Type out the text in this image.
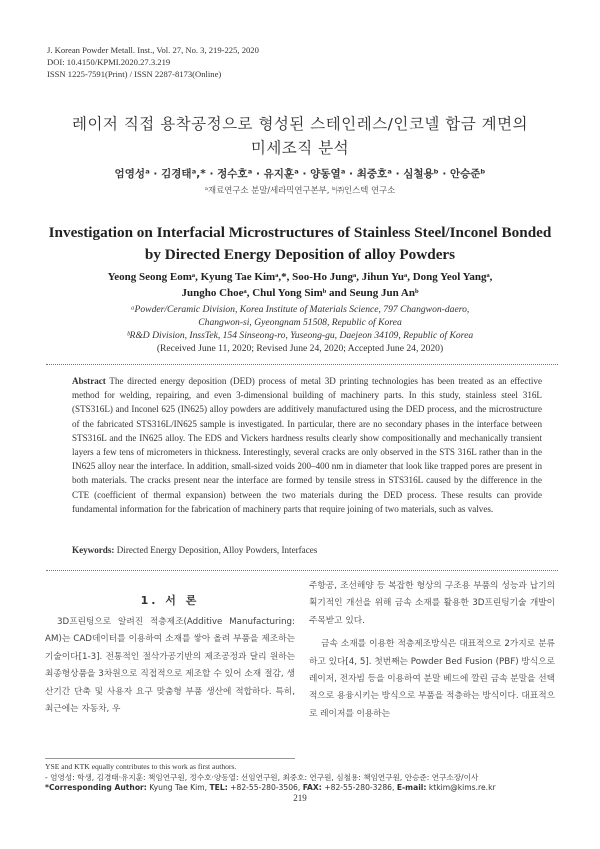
J. Korean Powder Metall. Inst., Vol. 27, No. 3, 219-225, 2020
DOI: 10.4150/KPMI.2020.27.3.219
ISSN 1225-7591(Print) / ISSN 2287-8173(Online)
레이저 직접 용착공정으로 형성된 스테인레스/인코넬 합금 계면의
미세조직 분석
엄영성ᵃ · 김경태ᵃ,* · 정수호ᵃ · 유지훈ᵃ · 양동열ᵃ · 최중호ᵃ · 심철용ᵇ · 안승준ᵇ
ᵃ재료연구소 분말/세라믹연구본부, ᵇ㈜인스텍 연구소
Investigation on Interfacial Microstructures of Stainless Steel/Inconel Bonded
by Directed Energy Deposition of alloy Powders
Yeong Seong Eomᵃ, Kyung Tae Kimᵃ,*, Soo-Ho Jungᵃ, Jihun Yuᵃ, Dong Yeol Yangᵃ,
Jungho Choeᵃ, Chul Yong Simᵇ and Seung Jun Anᵇ
ᵃPowder/Ceramic Division, Korea Institute of Materials Science, 797 Changwon-daero,
Changwon-si, Gyeongnam 51508, Republic of Korea
ᵇR&D Division, InssTek, 154 Sinseong-ro, Yuseong-gu, Daejeon 34109, Republic of Korea
(Received June 11, 2020; Revised June 24, 2020; Accepted June 24, 2020)
Abstract The directed energy deposition (DED) process of metal 3D printing technologies has been treated as an effective method for welding, repairing, and even 3-dimensional building of machinery parts. In this study, stainless steel 316L (STS316L) and Inconel 625 (IN625) alloy powders are additively manufactured using the DED process, and the microstructure of the fabricated STS316L/IN625 sample is investigated. In particular, there are no secondary phases in the interface between STS316L and the IN625 alloy. The EDS and Vickers hardness results clearly show compositionally and mechanically transient layers a few tens of micrometers in thickness. Interestingly, several cracks are only observed in the STS 316L rather than in the IN625 alloy near the interface. In addition, small-sized voids 200–400 nm in diameter that look like trapped pores are present in both materials. The cracks present near the interface are formed by tensile stress in STS316L caused by the difference in the CTE (coefficient of thermal expansion) between the two materials during the DED process. These results can provide fundamental information for the fabrication of machinery parts that require joining of two materials, such as valves.
Keywords: Directed Energy Deposition, Alloy Powders, Interfaces
1. 서 론

3D프린팅으로 알려진 적층제조(Additive Manufacturing: AM)는 CAD데이터를 이용하여 소재를 쌓아 올려 부품을 제조하는 기술이다[1-3]. 전통적인 절삭가공기반의 제조공정과 달리 원하는 최종형상품을 3차원으로 직접적으로 제조할 수 있어 소재 절감, 생산기간 단축 및 사용자 요구 맞춤형 부품 생산에 적합하다. 특히, 최근에는 자동차, 우

주항공, 조선해양 등 복잡한 형상의 구조용 부품의 성능과 납기의 획기적인 개선을 위해 금속 소재를 활용한 3D프린팅기술 개발이 주목받고 있다.

금속 소재를 이용한 적층제조방식은 대표적으로 2가지로 분류하고 있다[4, 5]. 첫번째는 Powder Bed Fusion (PBF) 방식으로 레이저, 전자빔 등을 이용하여 분말 베드에 깔린 금속 분말을 선택적으로 용융시키는 방식으로 부품을 적층하는 방식이다. 대표적으로 레이저를 이용하는

YSE and KTK equally contributes to this work as first authors.
- 엄영성: 학생, 김경태·유지훈: 책임연구원, 정수호·양동열: 선임연구원, 최중호: 연구원, 심철용: 책임연구원, 안승준: 연구소장/이사
*Corresponding Author: Kyung Tae Kim, TEL: +82-55-280-3506, FAX: +82-55-280-3286, E-mail: ktkim@kims.re.kr
219
